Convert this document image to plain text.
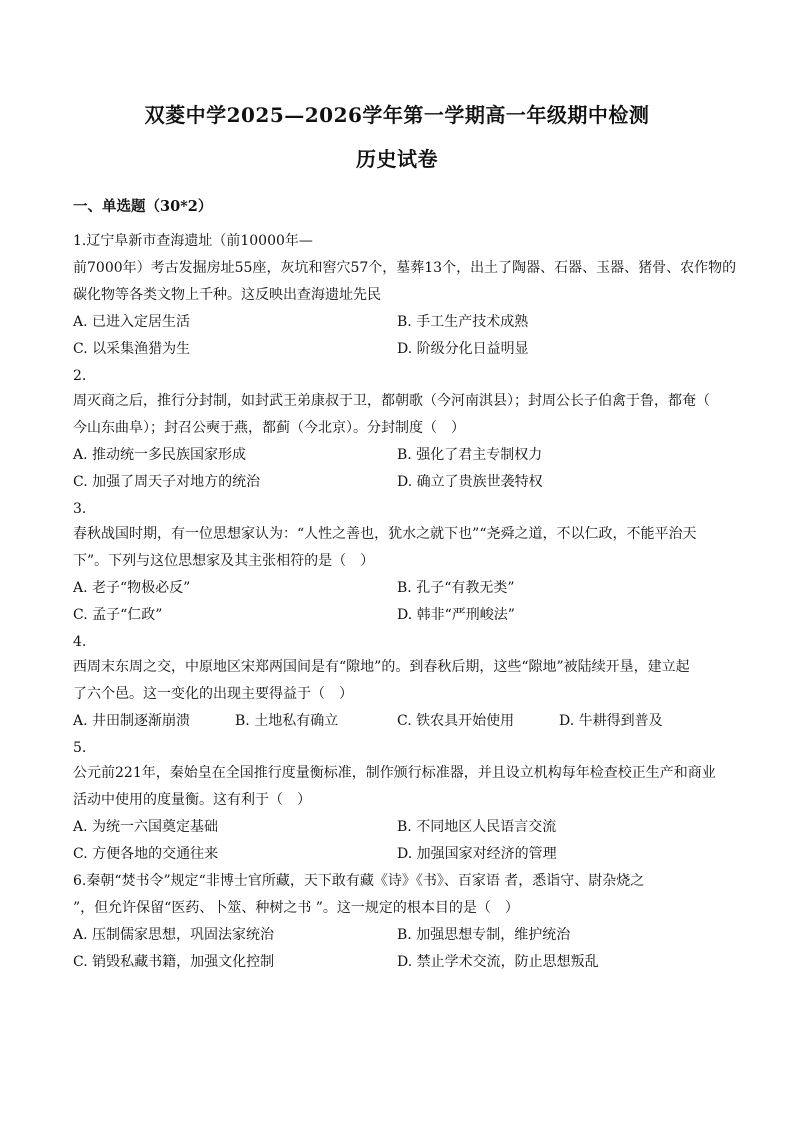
双菱中学2025—2026学年第一学期高一年级期中检测
历史试卷
一、单选题（30*2）
1.辽宁阜新市查海遗址（前10000年—
前7000年）考古发掘房址55座，灰坑和窖穴57个，墓葬13个，出土了陶器、石器、玉器、猪骨、农作物的
碳化物等各类文物上千种。这反映出查海遗址先民
A. 已进入定居生活	B. 手工生产技术成熟
C. 以采集渔猎为生	D. 阶级分化日益明显
2.
周灭商之后，推行分封制，如封武王弟康叔于卫，都朝歌（今河南淇县）；封周公长子伯禽于鲁，都奄（
今山东曲阜）；封召公奭于燕，都蓟（今北京）。分封制度（　）
A. 推动统一多民族国家形成	B. 强化了君主专制权力
C. 加强了周天子对地方的统治	D. 确立了贵族世袭特权
3.
春秋战国时期，有一位思想家认为：“人性之善也，犹水之就下也”“尧舜之道，不以仁政，不能平治天
下”。下列与这位思想家及其主张相符的是（　）
A. 老子“物极必反”	B. 孔子“有教无类”
C. 孟子“仁政”	D. 韩非“严刑峻法”
4.
西周末东周之交，中原地区宋郑两国间是有“隙地”的。到春秋后期，这些“隙地”被陆续开垦，建立起
了六个邑。这一变化的出现主要得益于（　）
A. 井田制逐渐崩溃	B. 土地私有确立	C. 铁农具开始使用	D. 牛耕得到普及
5.
公元前221年，秦始皇在全国推行度量衡标准，制作颁行标准器，并且设立机构每年检查校正生产和商业
活动中使用的度量衡。这有利于（　）
A. 为统一六国奠定基础	B. 不同地区人民语言交流
C. 方便各地的交通往来	D. 加强国家对经济的管理
6.秦朝“焚书令”规定“非博士官所藏，天下敢有藏《诗》《书》、百家语 者，悉诣守、尉杂烧之
”，但允许保留“医药、卜筮、种树之书 ”。这一规定的根本目的是（　）
A. 压制儒家思想，巩固法家统治	B. 加强思想专制，维护统治
C. 销毁私藏书籍，加强文化控制	D. 禁止学术交流，防止思想叛乱
